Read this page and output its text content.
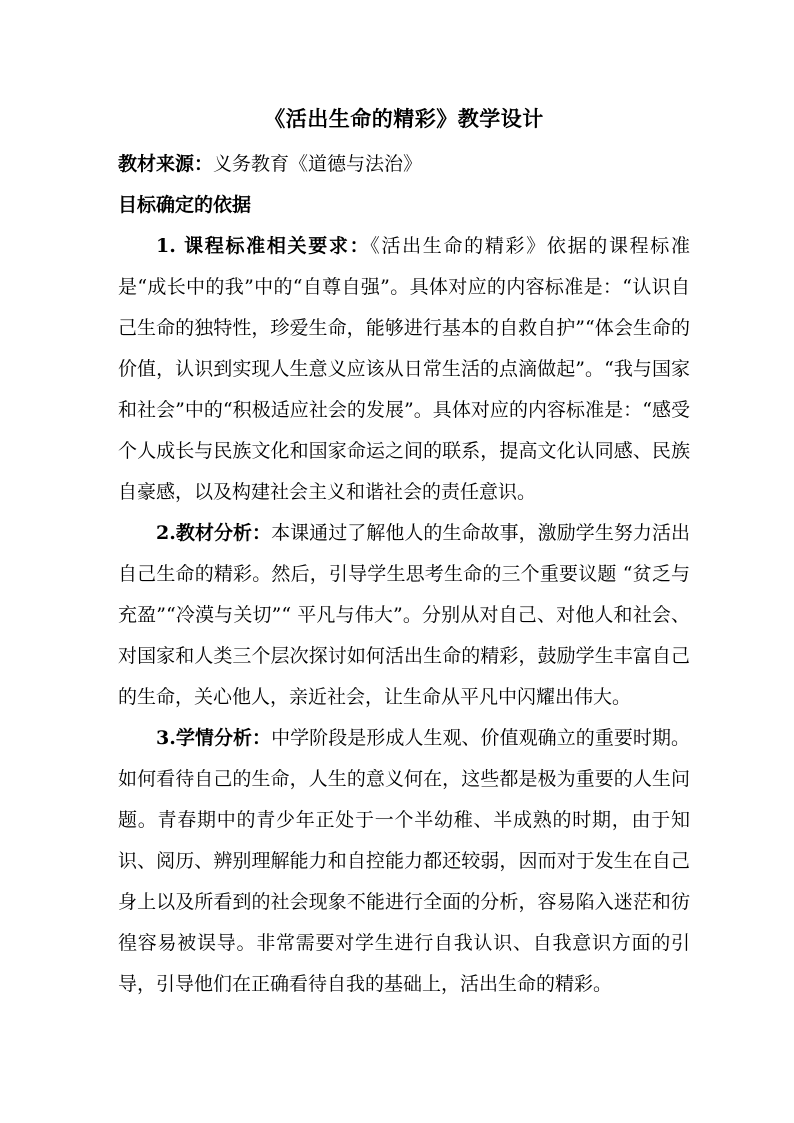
《活出生命的精彩》教学设计
教材来源：义务教育《道德与法治》
目标确定的依据

1. 课程标准相关要求：《活出生命的精彩》依据的课程标准是“成长中的我”中的“自尊自强”。具体对应的内容标准是：“认识自己生命的独特性，珍爱生命，能够进行基本的自救自护”“体会生命的价值，认识到实现人生意义应该从日常生活的点滴做起”。“我与国家和社会”中的“积极适应社会的发展”。具体对应的内容标准是：“感受个人成长与民族文化和国家命运之间的联系，提高文化认同感、民族自豪感，以及构建社会主义和谐社会的责任意识。

2.教材分析：本课通过了解他人的生命故事，激励学生努力活出自己生命的精彩。然后，引导学生思考生命的三个重要议题 “贫乏与充盈”“冷漠与关切”“ 平凡与伟大”。分别从对自己、对他人和社会、对国家和人类三个层次探讨如何活出生命的精彩，鼓励学生丰富自己的生命，关心他人，亲近社会，让生命从平凡中闪耀出伟大。

3.学情分析：中学阶段是形成人生观、价值观确立的重要时期。如何看待自己的生命，人生的意义何在，这些都是极为重要的人生问题。青春期中的青少年正处于一个半幼稚、半成熟的时期，由于知识、阅历、辨别理解能力和自控能力都还较弱，因而对于发生在自己身上以及所看到的社会现象不能进行全面的分析，容易陷入迷茫和彷徨容易被误导。非常需要对学生进行自我认识、自我意识方面的引导，引导他们在正确看待自我的基础上，活出生命的精彩。
